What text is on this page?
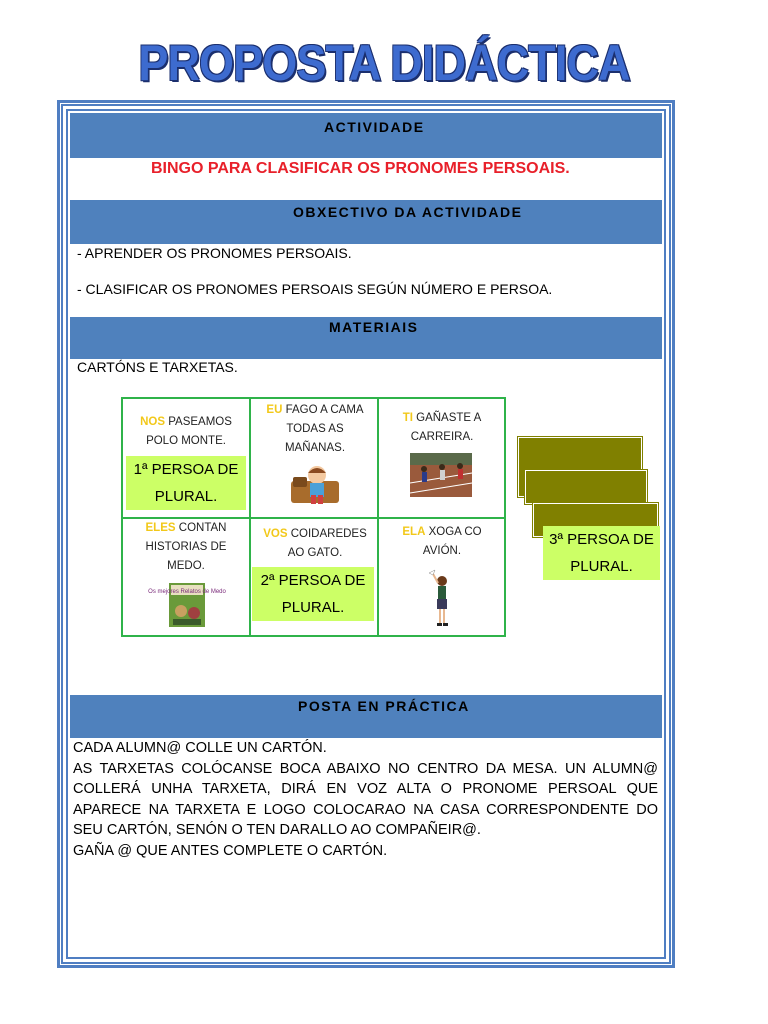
PROPOSTA DIDÁCTICA
ACTIVIDADE
BINGO PARA CLASIFICAR OS PRONOMES PERSOAIS.
OBXECTIVO DA ACTIVIDADE
- APRENDER OS PRONOMES PERSOAIS.
- CLASIFICAR OS PRONOMES PERSOAIS SEGÚN NÚMERO E PERSOA.
MATERIAIS
CARTÓNS E TARXETAS.
NOS PASEAMOS
POLO MONTE.
EU FAGO A CAMA
TODAS AS
MAÑANAS.
TI GAÑASTE A
CARREIRA.
ELES CONTAN
HISTORIAS DE
MEDO.
Os mejores Relatos de Medo
VOS COIDAREDES
AO GATO.
ELA XOGA CO
AVIÓN.
1ª PERSOA DE
PLURAL.
2ª PERSOA DE
PLURAL.
3ª PERSOA DE
PLURAL.
POSTA EN PRÁCTICA
CADA ALUMN@ COLLE UN CARTÓN.
AS TARXETAS COLÓCANSE BOCA ABAIXO NO CENTRO DA MESA. UN ALUMN@ COLLERÁ UNHA TARXETA, DIRÁ EN VOZ ALTA O PRONOME PERSOAL QUE APARECE NA TARXETA E LOGO COLOCARAO NA CASA CORRESPONDENTE DO SEU CARTÓN, SENÓN O TEN DARALLO AO COMPAÑEIR@.
GAÑA @ QUE ANTES COMPLETE O CARTÓN.
